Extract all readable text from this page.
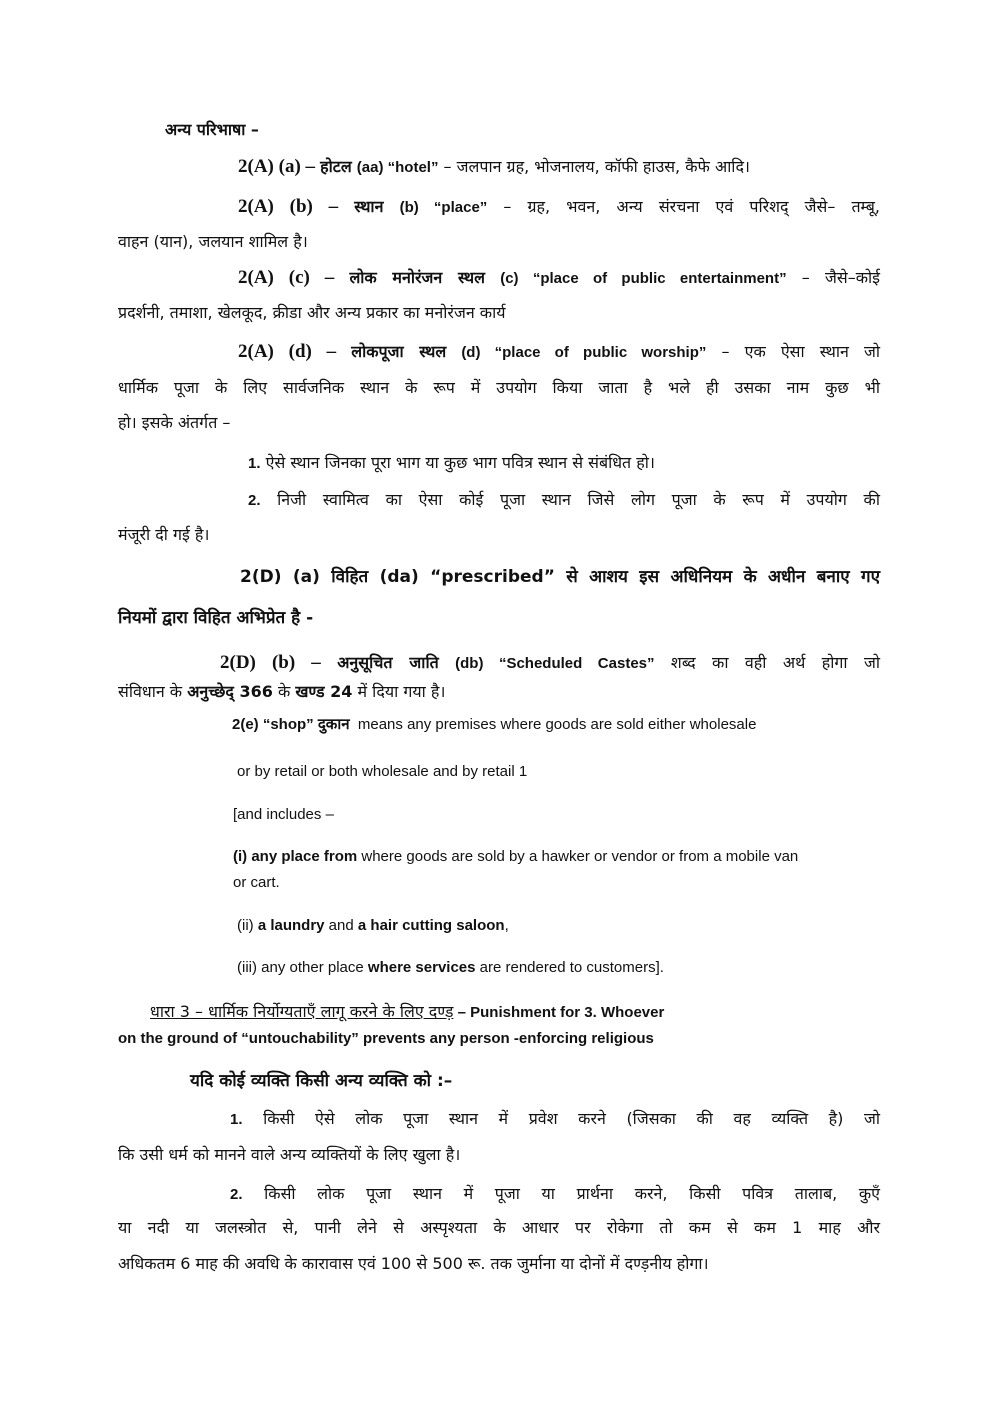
अन्य परिभाषा –
2(A) (a) – होटल (aa) “hotel” – जलपान ग्रह, भोजनालय, कॉफी हाउस, कैफे आदि।
2(A) (b) – स्थान (b) “place” – ग्रह, भवन, अन्य संरचना एवं परिशद् जैसे– तम्बू,
वाहन (यान), जलयान शामिल है।
2(A) (c) – लोक मनोरंजन स्थल (c) “place of public entertainment” – जैसे–कोई
प्रदर्शनी, तमाशा, खेलकूद, क्रीडा और अन्य प्रकार का मनोरंजन कार्य
2(A) (d) – लोकपूजा स्थल (d) “place of public worship” – एक ऐसा स्थान जो
धार्मिक पूजा के लिए सार्वजनिक स्थान के रूप में उपयोग किया जाता है भले ही उसका नाम कुछ भी
हो। इसके अंतर्गत –
1. ऐसे स्थान जिनका पूरा भाग या कुछ भाग पवित्र स्थान से संबंधित हो।
2. निजी स्वामित्व का ऐसा कोई पूजा स्थान जिसे लोग पूजा के रूप में उपयोग की
मंजूरी दी गई है।
2(D) (a) विहित (da) “prescribed” से आशय इस अधिनियम के अधीन बनाए गए
नियमों द्वारा विहित अभिप्रेत है -
2(D) (b) – अनुसूचित जाति (db) “Scheduled Castes” शब्द का वही अर्थ होगा जो
संविधान के अनुच्छेद् 366 के खण्ड 24 में दिया गया है।
2(e) “shop” दुकान  means any premises where goods are sold either wholesale
or by retail or both wholesale and by retail 1
[and includes –
(i) any place from where goods are sold by a hawker or vendor or from a mobile van
or cart.
(ii) a laundry and a hair cutting saloon,
(iii) any other place where services are rendered to customers].
धारा 3 – धार्मिक निर्योग्यताएँ लागू करने के लिए दण्ड़ – Punishment for 3. Whoever
on the ground of “untouchability” prevents any person -enforcing religious
यदि कोई व्यक्ति किसी अन्य व्यक्ति को :–
1. किसी ऐसे लोक पूजा स्थान में प्रवेश करने (जिसका की वह व्यक्ति है) जो
कि उसी धर्म को मानने वाले अन्य व्यक्तियों के लिए खुला है।
2. किसी लोक पूजा स्थान में पूजा या प्रार्थना करने, किसी पवित्र तालाब, कुएँ
या नदी या जलस्त्रोत से, पानी लेने से अस्पृश्यता के आधार पर रोकेगा तो कम से कम 1 माह और
अधिकतम 6 माह की अवधि के कारावास एवं 100 से 500 रू. तक जुर्माना या दोनों में दण्ड़नीय होगा।
